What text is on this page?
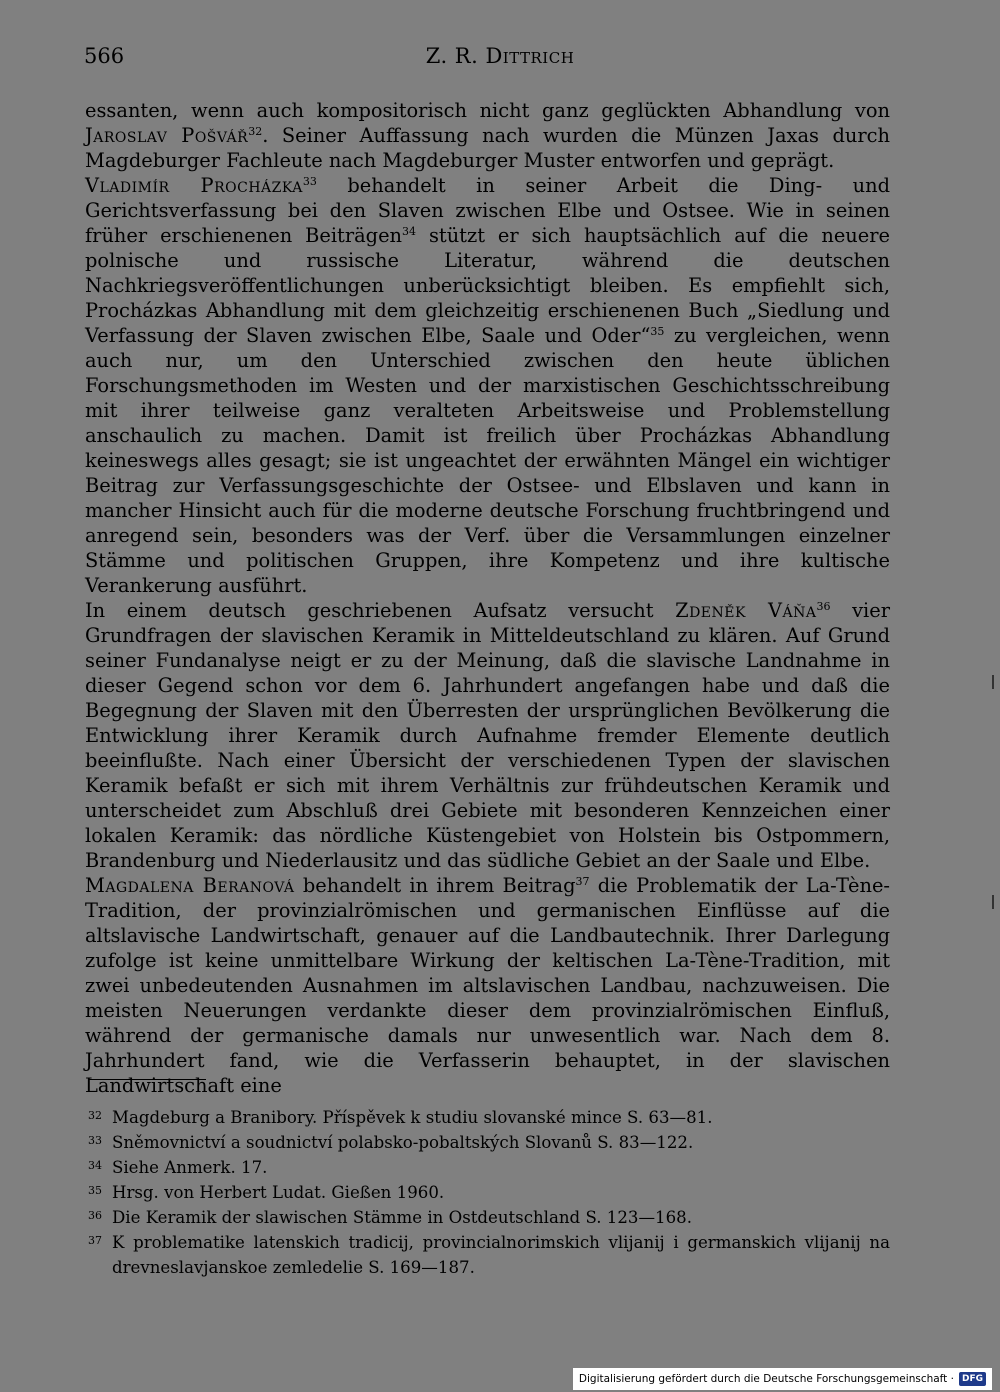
566	Z. R. Dittrich

essanten, wenn auch kompositorisch nicht ganz geglückten Abhandlung von Jaroslav Pošvář$^{32}$. Seiner Auffassung nach wurden die Münzen Jaxas durch Magdeburger Fachleute nach Magdeburger Muster entworfen und geprägt.

Vladimír Procházka$^{33}$ behandelt in seiner Arbeit die Ding- und Gerichtsverfassung bei den Slaven zwischen Elbe und Ostsee. Wie in seinen früher erschienenen Beiträgen$^{34}$ stützt er sich hauptsächlich auf die neuere polnische und russische Literatur, während die deutschen Nachkriegsveröffentlichungen unberücksichtigt bleiben. Es empfiehlt sich, Procházkas Abhandlung mit dem gleichzeitig erschienenen Buch „Siedlung und Verfassung der Slaven zwischen Elbe, Saale und Oder“$^{35}$ zu vergleichen, wenn auch nur, um den Unterschied zwischen den heute üblichen Forschungsmethoden im Westen und der marxistischen Geschichtsschreibung mit ihrer teilweise ganz veralteten Arbeitsweise und Problemstellung anschaulich zu machen. Damit ist freilich über Procházkas Abhandlung keineswegs alles gesagt; sie ist ungeachtet der erwähnten Mängel ein wichtiger Beitrag zur Verfassungsgeschichte der Ostsee- und Elbslaven und kann in mancher Hinsicht auch für die moderne deutsche Forschung fruchtbringend und anregend sein, besonders was der Verf. über die Versammlungen einzelner Stämme und politischen Gruppen, ihre Kompetenz und ihre kultische Verankerung ausführt.

In einem deutsch geschriebenen Aufsatz versucht Zdeněk Váňa$^{36}$ vier Grundfragen der slavischen Keramik in Mitteldeutschland zu klären. Auf Grund seiner Fundanalyse neigt er zu der Meinung, daß die slavische Landnahme in dieser Gegend schon vor dem 6. Jahrhundert angefangen habe und daß die Begegnung der Slaven mit den Überresten der ursprünglichen Bevölkerung die Entwicklung ihrer Keramik durch Aufnahme fremder Elemente deutlich beeinflußte. Nach einer Übersicht der verschiedenen Typen der slavischen Keramik befaßt er sich mit ihrem Verhältnis zur frühdeutschen Keramik und unterscheidet zum Abschluß drei Gebiete mit besonderen Kennzeichen einer lokalen Keramik: das nördliche Küstengebiet von Holstein bis Ostpommern, Brandenburg und Niederlausitz und das südliche Gebiet an der Saale und Elbe.

Magdalena Beranová behandelt in ihrem Beitrag$^{37}$ die Problematik der La-Tène-Tradition, der provinzialrömischen und germanischen Einflüsse auf die altslavische Landwirtschaft, genauer auf die Landbautechnik. Ihrer Darlegung zufolge ist keine unmittelbare Wirkung der keltischen La-Tène-Tradition, mit zwei unbedeutenden Ausnahmen im altslavischen Landbau, nachzuweisen. Die meisten Neuerungen verdankte dieser dem provinzialrömischen Einfluß, während der germanische damals nur unwesentlich war. Nach dem 8. Jahrhundert fand, wie die Verfasserin behauptet, in der slavischen Landwirtschaft eine

32 Magdeburg a Branibory. Příspěvek k studiu slovanské mince S. 63—81.

33 Sněmovnictví a soudnictví polabsko-pobaltských Slovanů S. 83—122.

34 Siehe Anmerk. 17.

35 Hrsg. von Herbert Ludat. Gießen 1960.

36 Die Keramik der slawischen Stämme in Ostdeutschland S. 123—168.

37 K problematike latenskich tradicij, provincialnorimskich vlijanij i germanskich vlijanij na drevneslavjanskoe zemledelie S. 169—187.

Digitalisierung gefördert durch die Deutsche Forschungsgemeinschaft · DFG
